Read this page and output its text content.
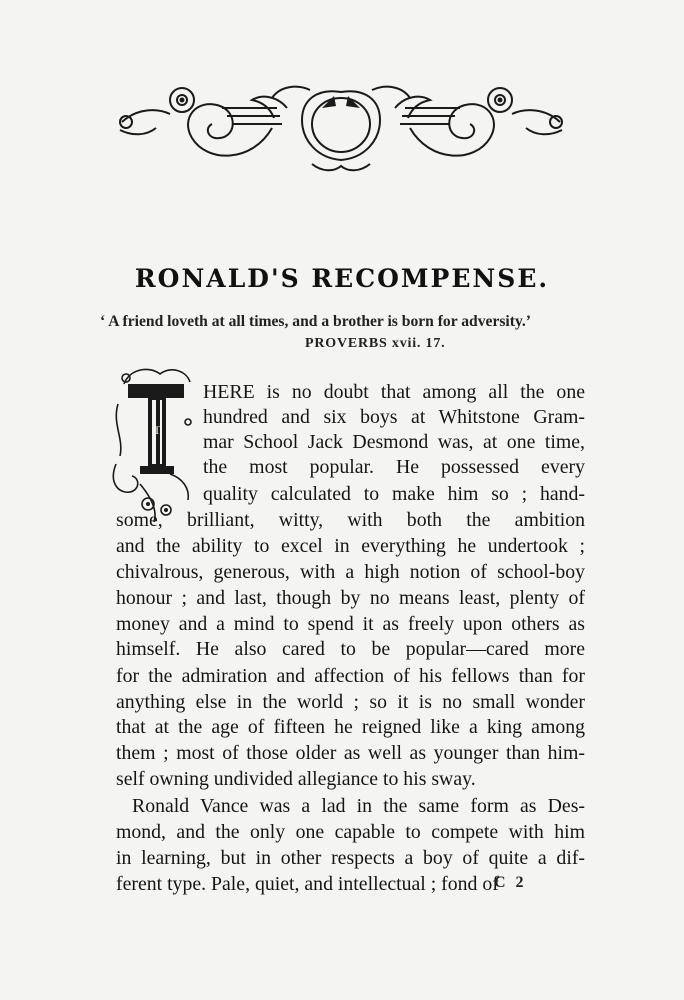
RONALD'S RECOMPENSE.
‘ A friend loveth at all times, and a brother is born for adversity.’
PROVERBS xvii. 17.
T
HERE is no doubt that among all the one
hundred and six boys at Whitstone Gram-
mar School Jack Desmond was, at one time,
the most popular. He possessed every
quality calculated to make him so ; hand-
some, brilliant, witty, with both the ambition
and the ability to excel in everything he undertook ;
chivalrous, generous, with a high notion of school-boy
honour ; and last, though by no means least, plenty of
money and a mind to spend it as freely upon others as
himself. He also cared to be popular—cared more
for the admiration and affection of his fellows than for
anything else in the world ; so it is no small wonder
that at the age of fifteen he reigned like a king among
them ; most of those older as well as younger than him-
self owning undivided allegiance to his sway.
Ronald Vance was a lad in the same form as Des-
mond, and the only one capable to compete with him
in learning, but in other respects a boy of quite a dif-
ferent type. Pale, quiet, and intellectual ; fond of
C 2
